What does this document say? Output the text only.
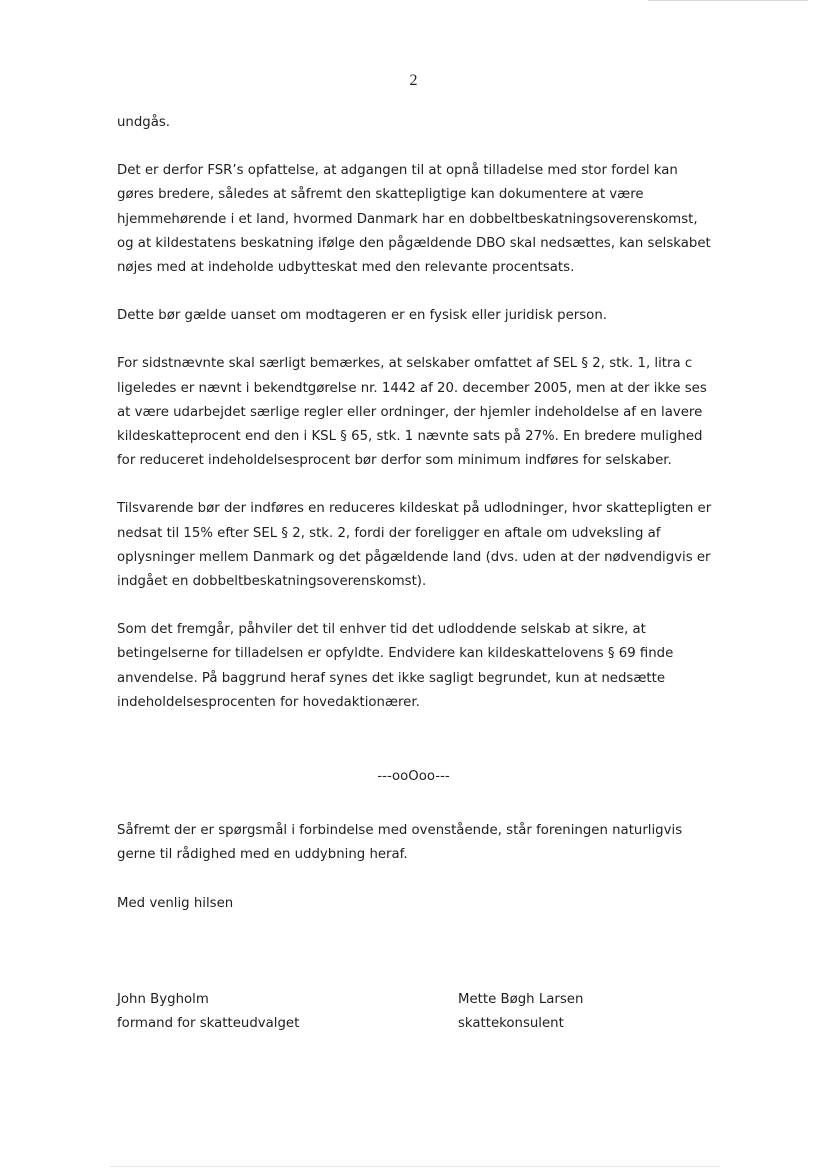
2
undgås.
Det er derfor FSR’s opfattelse, at adgangen til at opnå tilladelse med stor fordel kan
gøres bredere, således at såfremt den skattepligtige kan dokumentere at være
hjemmehørende i et land, hvormed Danmark har en dobbeltbeskatningsoverenskomst,
og at kildestatens beskatning ifølge den pågældende DBO skal nedsættes, kan selskabet
nøjes med at indeholde udbytteskat med den relevante procentsats.
Dette bør gælde uanset om modtageren er en fysisk eller juridisk person.
For sidstnævnte skal særligt bemærkes, at selskaber omfattet af SEL § 2, stk. 1, litra c
ligeledes er nævnt i bekendtgørelse nr. 1442 af 20. december 2005, men at der ikke ses
at være udarbejdet særlige regler eller ordninger, der hjemler indeholdelse af en lavere
kildeskatteprocent end den i KSL § 65, stk. 1 nævnte sats på 27%. En bredere mulighed
for reduceret indeholdelsesprocent bør derfor som minimum indføres for selskaber.
Tilsvarende bør der indføres en reduceres kildeskat på udlodninger, hvor skattepligten er
nedsat til 15% efter SEL § 2, stk. 2, fordi der foreligger en aftale om udveksling af
oplysninger mellem Danmark og det pågældende land (dvs. uden at der nødvendigvis er
indgået en dobbeltbeskatningsoverenskomst).
Som det fremgår, påhviler det til enhver tid det udloddende selskab at sikre, at
betingelserne for tilladelsen er opfyldte. Endvidere kan kildeskattelovens § 69 finde
anvendelse. På baggrund heraf synes det ikke sagligt begrundet, kun at nedsætte
indeholdelsesprocenten for hovedaktionærer.
---ooOoo---
Såfremt der er spørgsmål i forbindelse med ovenstående, står foreningen naturligvis
gerne til rådighed med en uddybning heraf.
Med venlig hilsen
John Bygholm
formand for skatteudvalget
Mette Bøgh Larsen
skattekonsulent
